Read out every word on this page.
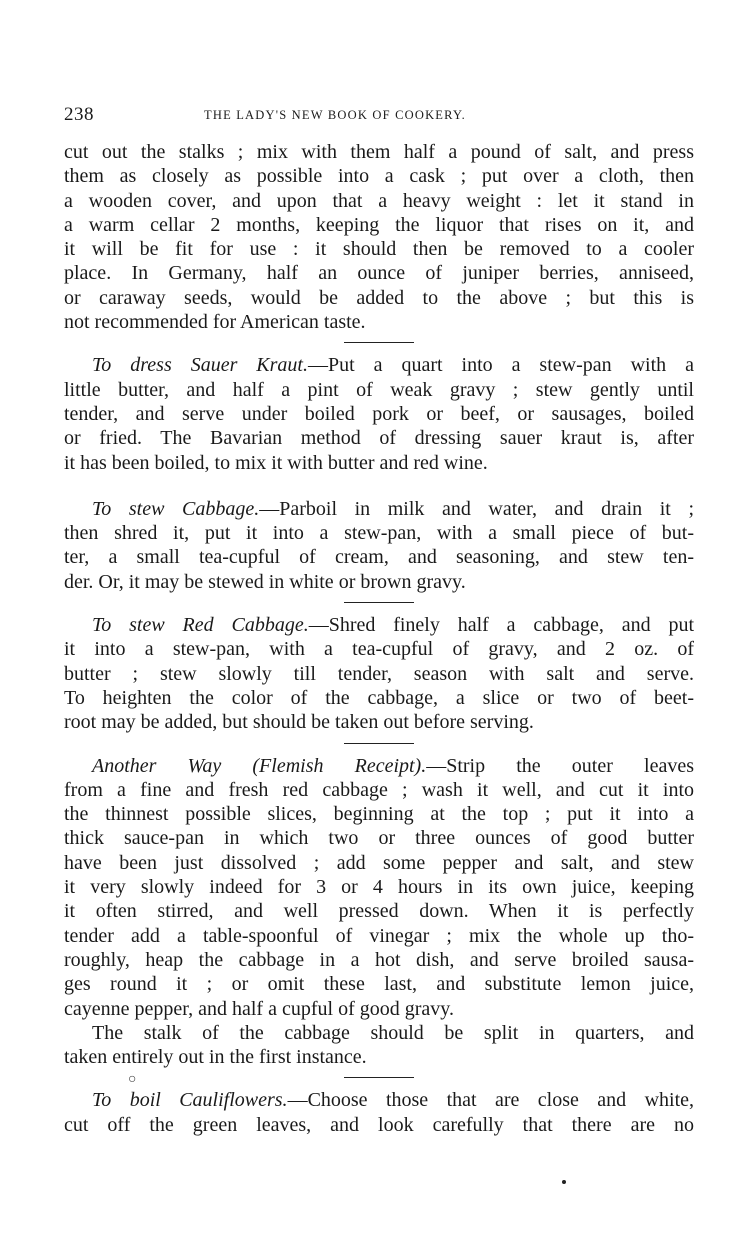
238	THE LADY'S NEW BOOK OF COOKERY.
cut out the stalks ; mix with them half a pound of salt, and press
them as closely as possible into a cask ; put over a cloth, then
a wooden cover, and upon that a heavy weight : let it stand in
a warm cellar 2 months, keeping the liquor that rises on it, and
it will be fit for use : it should then be removed to a cooler
place. In Germany, half an ounce of juniper berries, anniseed,
or caraway seeds, would be added to the above ; but this is
not recommended for American taste.
To dress Sauer Kraut.—Put a quart into a stew-pan with a
little butter, and half a pint of weak gravy ; stew gently until
tender, and serve under boiled pork or beef, or sausages, boiled
or fried. The Bavarian method of dressing sauer kraut is, after
it has been boiled, to mix it with butter and red wine.
To stew Cabbage.—Parboil in milk and water, and drain it ;
then shred it, put it into a stew-pan, with a small piece of but-
ter, a small tea-cupful of cream, and seasoning, and stew ten-
der. Or, it may be stewed in white or brown gravy.
To stew Red Cabbage.—Shred finely half a cabbage, and put
it into a stew-pan, with a tea-cupful of gravy, and 2 oz. of
butter ; stew slowly till tender, season with salt and serve.
To heighten the color of the cabbage, a slice or two of beet-
root may be added, but should be taken out before serving.
Another Way (Flemish Receipt).—Strip the outer leaves
from a fine and fresh red cabbage ; wash it well, and cut it into
the thinnest possible slices, beginning at the top ; put it into a
thick sauce-pan in which two or three ounces of good butter
have been just dissolved ; add some pepper and salt, and stew
it very slowly indeed for 3 or 4 hours in its own juice, keeping
it often stirred, and well pressed down. When it is perfectly
tender add a table-spoonful of vinegar ; mix the whole up tho-
roughly, heap the cabbage in a hot dish, and serve broiled sausa-
ges round it ; or omit these last, and substitute lemon juice,
cayenne pepper, and half a cupful of good gravy.
The stalk of the cabbage should be split in quarters, and
taken entirely out in the first instance.
To boil Cauliflowers.—Choose those that are close and white,
cut off the green leaves, and look carefully that there are no
○
